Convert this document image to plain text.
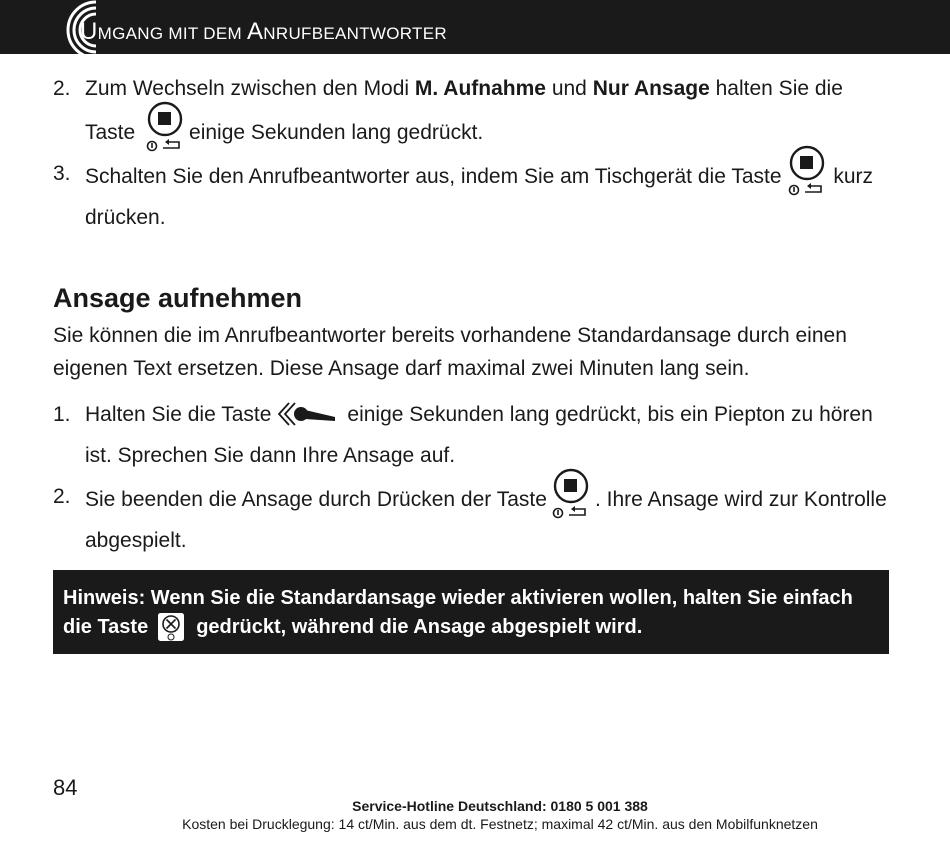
UMGANG MIT DEM ANRUFBEANTWORTER
2. Zum Wechseln zwischen den Modi M. Aufnahme und Nur Ansage halten Sie die Taste
einige Sekunden lang gedrückt.
3. Schalten Sie den Anrufbeantworter aus, indem Sie am Tischgerät die Taste
kurz drücken.
Ansage aufnehmen

Sie können die im Anrufbeantworter bereits vorhandene Standardansage durch einen eigenen Text ersetzen. Diese Ansage darf maximal zwei Minuten lang sein.

1. Halten Sie die Taste	einige Sekunden lang gedrückt, bis ein Piepton zu hören ist. Sprechen Sie dann Ihre Ansage auf.
2. Sie beenden die Ansage durch Drücken der Taste . Ihre Ansage wird zur Kontrolle abgespielt.
Hinweis: Wenn Sie die Standardansage wieder aktivieren wollen, halten Sie einfach die Taste gedrückt, während die Ansage abgespielt wird.
84
Service-Hotline Deutschland: 0180 5 001 388
Kosten bei Drucklegung: 14 ct/Min. aus dem dt. Festnetz; maximal 42 ct/Min. aus den Mobilfunknetzen
